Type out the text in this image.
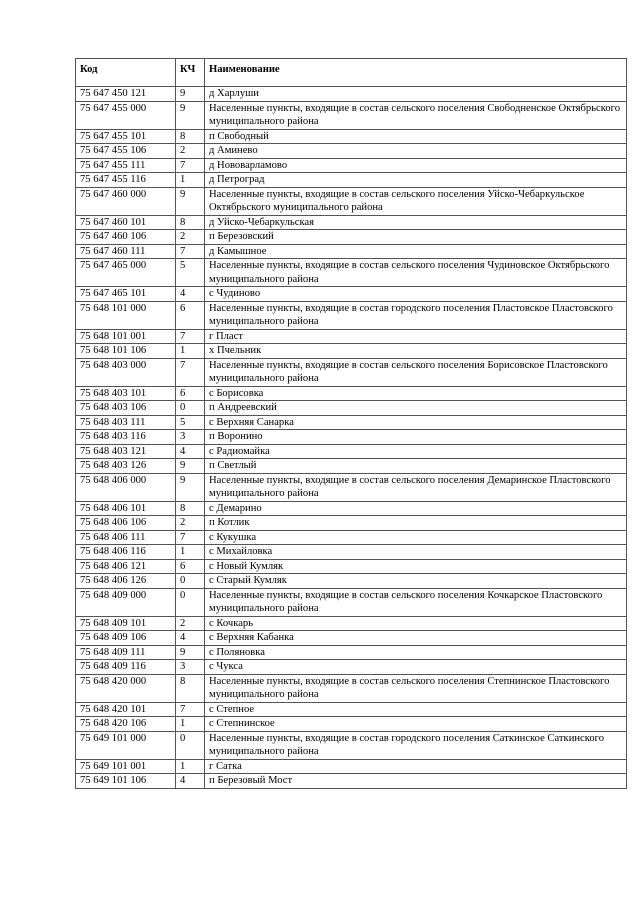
Код	КЧ	Наименование
75 647 450 121	9	д Харлуши
75 647 455 000	9	Населенные пункты, входящие в состав сельского поселения Свободненское Октябрьского муниципального района
75 647 455 101	8	п Свободный
75 647 455 106	2	д Аминево
75 647 455 111	7	д Нововарламово
75 647 455 116	1	д Петроград
75 647 460 000	9	Населенные пункты, входящие в состав сельского поселения Уйско-Чебаркульское Октябрьского муниципального района
75 647 460 101	8	д Уйско-Чебаркульская
75 647 460 106	2	п Березовский
75 647 460 111	7	д Камышное
75 647 465 000	5	Населенные пункты, входящие в состав сельского поселения Чудиновское Октябрьского муниципального района
75 647 465 101	4	с Чудиново
75 648 101 000	6	Населенные пункты, входящие в состав городского поселения Пластовское Пластовского муниципального района
75 648 101 001	7	г Пласт
75 648 101 106	1	х Пчельник
75 648 403 000	7	Населенные пункты, входящие в состав сельского поселения Борисовское Пластовского муниципального района
75 648 403 101	6	с Борисовка
75 648 403 106	0	п Андреевский
75 648 403 111	5	с Верхняя Санарка
75 648 403 116	3	п Воронино
75 648 403 121	4	с Радиомайка
75 648 403 126	9	п Светлый
75 648 406 000	9	Населенные пункты, входящие в состав сельского поселения Демаринское Пластовского муниципального района
75 648 406 101	8	с Демарино
75 648 406 106	2	п Котлик
75 648 406 111	7	с Кукушка
75 648 406 116	1	с Михайловка
75 648 406 121	6	с Новый Кумляк
75 648 406 126	0	с Старый Кумляк
75 648 409 000	0	Населенные пункты, входящие в состав сельского поселения Кочкарское Пластовского муниципального района
75 648 409 101	2	с Кочкарь
75 648 409 106	4	с Верхняя Кабанка
75 648 409 111	9	с Поляновка
75 648 409 116	3	с Чукса
75 648 420 000	8	Населенные пункты, входящие в состав сельского поселения Степнинское Пластовского муниципального района
75 648 420 101	7	с Степное
75 648 420 106	1	с Степнинское
75 649 101 000	0	Населенные пункты, входящие в состав городского поселения Саткинское Саткинского муниципального района
75 649 101 001	1	г Сатка
75 649 101 106	4	п Березовый Мост
